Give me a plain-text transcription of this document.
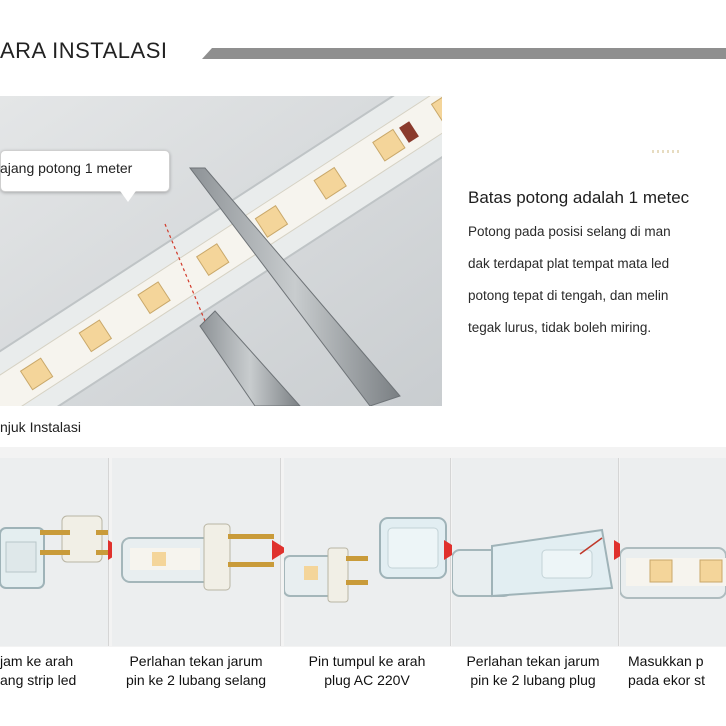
ARA INSTALASI
ajang potong 1 meter
njuk Instalasi
Batas potong adalah 1 metec
Potong pada posisi selang di man
dak terdapat plat tempat mata led
potong tepat di tengah, dan melin
tegak lurus, tidak boleh miring.
jam ke arah
ang strip led
Perlahan tekan jarum
pin ke 2 lubang selang
Pin tumpul ke arah
plug AC 220V
Perlahan tekan jarum
pin ke 2 lubang plug
Masukkan p
pada ekor st
